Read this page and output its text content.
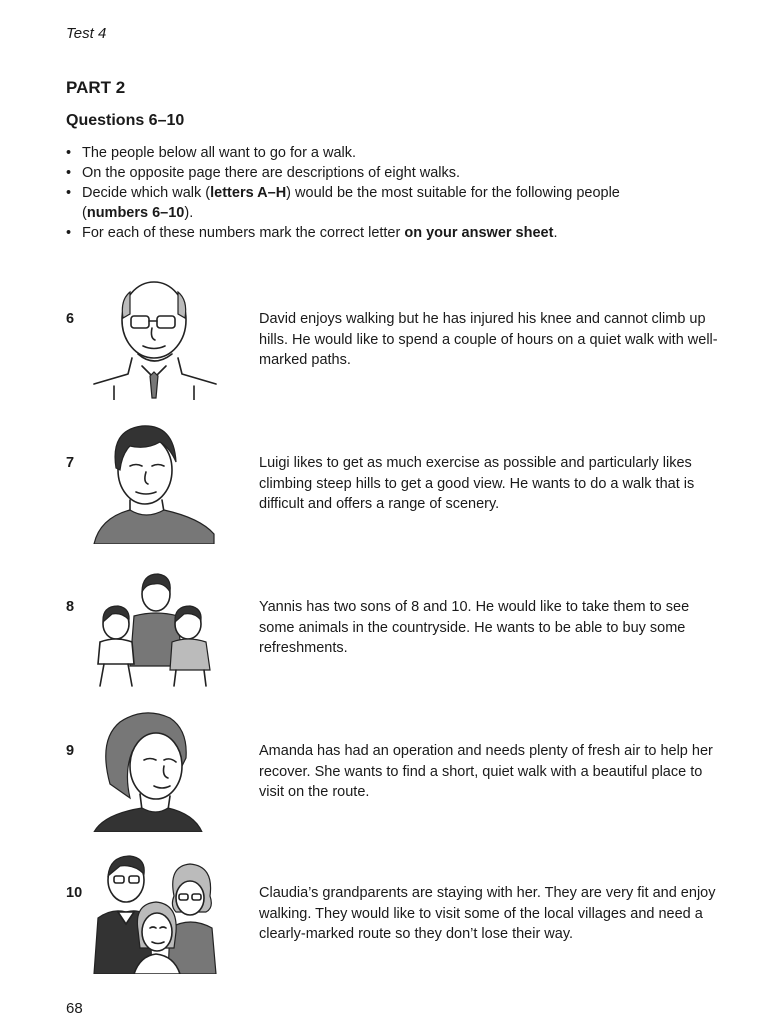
Test 4
PART 2
Questions 6–10
• The people below all want to go for a walk.
• On the opposite page there are descriptions of eight walks.
• Decide which walk (letters A–H) would be the most suitable for the following people (numbers 6–10).
• For each of these numbers mark the correct letter on your answer sheet.
6	David enjoys walking but he has injured his knee and cannot climb up hills. He would like to spend a couple of hours on a quiet walk with well-marked paths.

7	Luigi likes to get as much exercise as possible and particularly likes climbing steep hills to get a good view. He wants to do a walk that is difficult and offers a range of scenery.

8	Yannis has two sons of 8 and 10. He would like to take them to see some animals in the countryside. He wants to be able to buy some refreshments.

9	Amanda has had an operation and needs plenty of fresh air to help her recover. She wants to find a short, quiet walk with a beautiful place to visit on the route.

10	Claudia’s grandparents are staying with her. They are very fit and enjoy walking. They would like to visit some of the local villages and need a clearly-marked route so they don’t lose their way.

68
